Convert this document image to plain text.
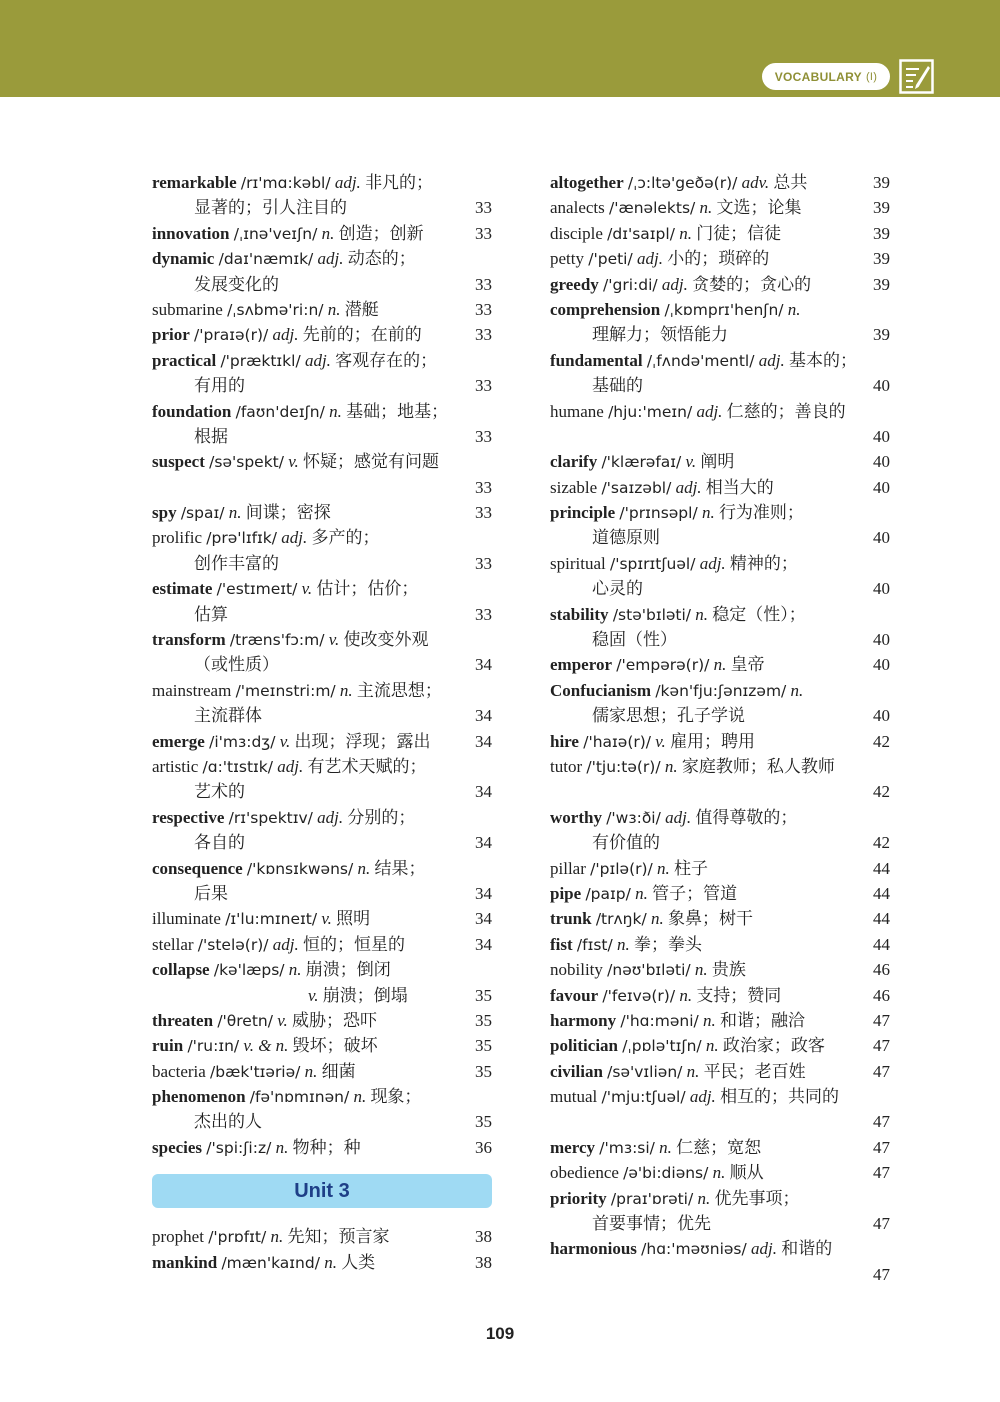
VOCABULARY (I)
remarkable /rɪ'mɑ:kəbl/ adj. 非凡的；
显著的；引人注目的	33
innovation /ˌɪnə'veɪʃn/ n. 创造；创新	33
dynamic /daɪ'næmɪk/ adj. 动态的；
发展变化的	33
submarine /ˌsʌbmə'ri:n/ n. 潜艇	33
prior /'praɪə(r)/ adj. 先前的；在前的	33
practical /'præktɪkl/ adj. 客观存在的；
有用的	33
foundation /faʊn'deɪʃn/ n. 基础；地基；
根据	33
suspect /sə'spekt/ v. 怀疑；感觉有问题
33
spy /spaɪ/ n. 间谍；密探	33
prolific /prə'lɪfɪk/ adj. 多产的；
创作丰富的	33
estimate /'estɪmeɪt/ v. 估计；估价；
估算	33
transform /træns'fɔ:m/ v. 使改变外观
（或性质）	34
mainstream /'meɪnstri:m/ n. 主流思想；
主流群体	34
emerge /i'mɜ:dʒ/ v. 出现；浮现；露出	34
artistic /ɑ:'tɪstɪk/ adj. 有艺术天赋的；
艺术的	34
respective /rɪ'spektɪv/ adj. 分别的；
各自的	34
consequence /'kɒnsɪkwəns/ n. 结果；
后果	34
illuminate /ɪ'lu:mɪneɪt/ v. 照明	34
stellar /'stelə(r)/ adj. 恒的；恒星的	34
collapse /kə'læps/ n. 崩溃；倒闭
v. 崩溃；倒塌	35
threaten /'θretn/ v. 威胁；恐吓	35
ruin /'ru:ɪn/ v. & n. 毁坏；破坏	35
bacteria /bæk'tɪəriə/ n. 细菌	35
phenomenon /fə'nɒmɪnən/ n. 现象；
杰出的人	35
species /'spi:ʃi:z/ n. 物种；种	36
Unit 3
prophet /'prɒfɪt/ n. 先知；预言家	38
mankind /mæn'kaɪnd/ n. 人类	38
altogether /ˌɔ:ltə'geðə(r)/ adv. 总共	39
analects /'ænəlekts/ n. 文选；论集	39
disciple /dɪ'saɪpl/ n. 门徒；信徒	39
petty /'peti/ adj. 小的；琐碎的	39
greedy /'gri:di/ adj. 贪婪的；贪心的	39
comprehension /ˌkɒmprɪ'henʃn/ n.
理解力；领悟能力	39
fundamental /ˌfʌndə'mentl/ adj. 基本的；
基础的	40
humane /hju:'meɪn/ adj. 仁慈的；善良的
40
clarify /'klærəfaɪ/ v. 阐明	40
sizable /'saɪzəbl/ adj. 相当大的	40
principle /'prɪnsəpl/ n. 行为准则；
道德原则	40
spiritual /'spɪrɪtʃuəl/ adj. 精神的；
心灵的	40
stability /stə'bɪləti/ n. 稳定（性）；
稳固（性）	40
emperor /'empərə(r)/ n. 皇帝	40
Confucianism /kən'fju:ʃənɪzəm/ n.
儒家思想；孔子学说	40
hire /'haɪə(r)/ v. 雇用；聘用	42
tutor /'tju:tə(r)/ n. 家庭教师；私人教师
42
worthy /'wɜ:ði/ adj. 值得尊敬的；
有价值的	42
pillar /'pɪlə(r)/ n. 柱子	44
pipe /paɪp/ n. 管子；管道	44
trunk /trʌŋk/ n. 象鼻；树干	44
fist /fɪst/ n. 拳；拳头	44
nobility /nəʊ'bɪləti/ n. 贵族	46
favour /'feɪvə(r)/ n. 支持；赞同	46
harmony /'hɑ:məni/ n. 和谐；融洽	47
politician /ˌpɒlə'tɪʃn/ n. 政治家；政客	47
civilian /sə'vɪliən/ n. 平民；老百姓	47
mutual /'mju:tʃuəl/ adj. 相互的；共同的
47
mercy /'mɜ:si/ n. 仁慈；宽恕	47
obedience /ə'bi:diəns/ n. 顺从	47
priority /praɪ'ɒrəti/ n. 优先事项；
首要事情；优先	47
harmonious /hɑ:'məʊniəs/ adj. 和谐的
47
109
